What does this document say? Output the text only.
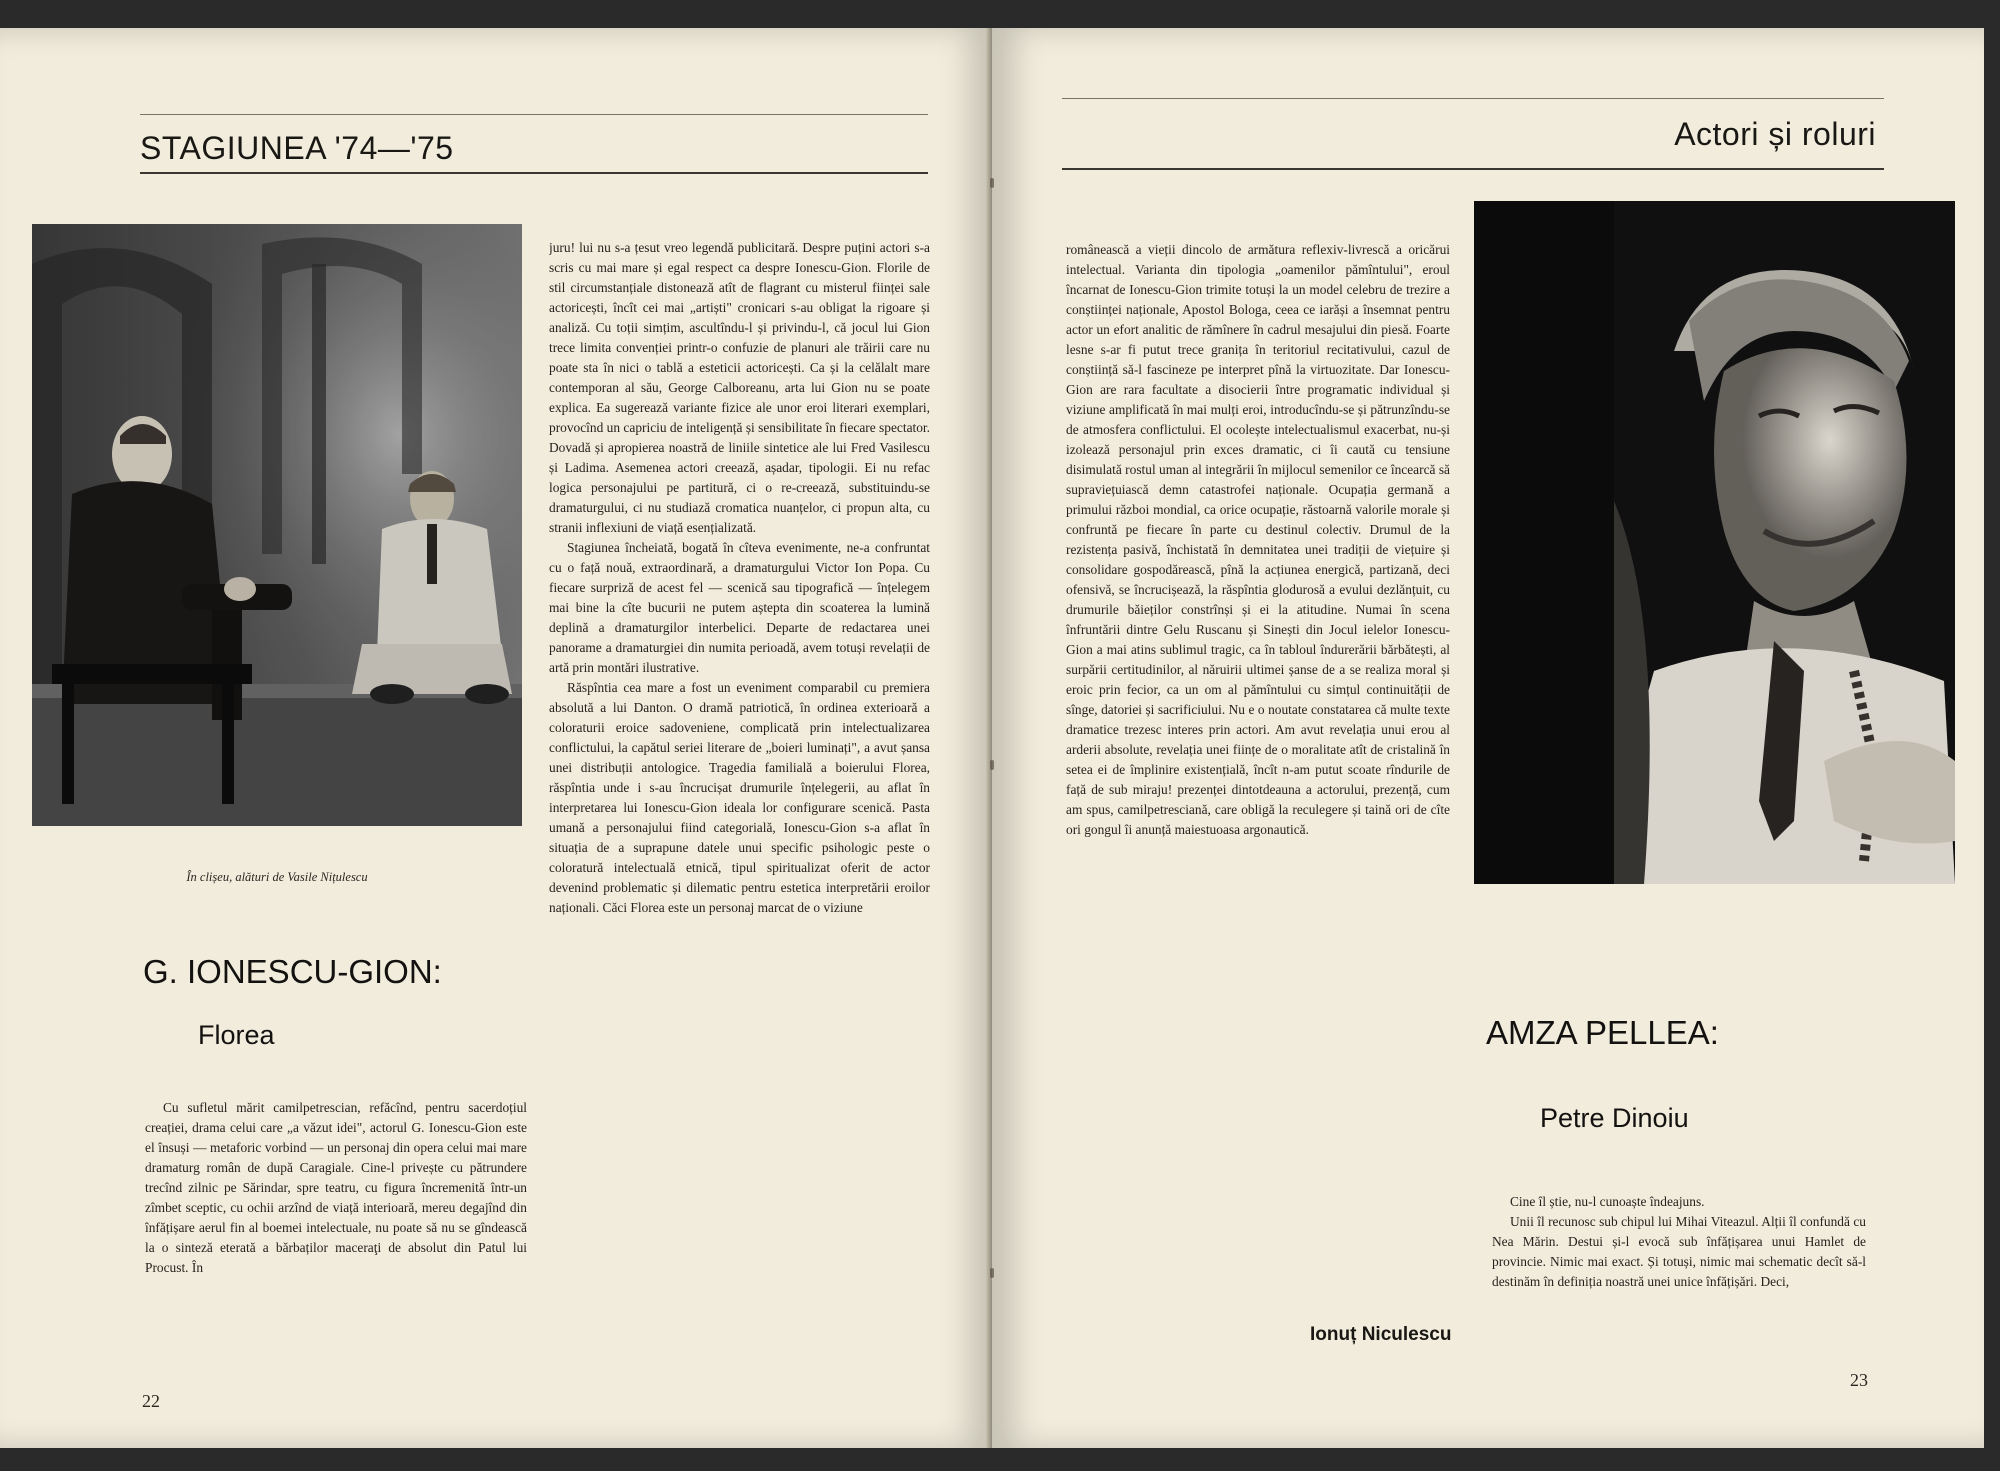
STAGIUNEA '74—'75
În clișeu, alături de Vasile Nițulescu
G. IONESCU-GION:
Florea

Cu sufletul mărit camilpetrescian, refăcînd, pentru sacerdoțiul creației, drama celui care „a văzut idei", actorul G. Ionescu-Gion este el însuși — metaforic vorbind — un personaj din opera celui mai mare dramaturg român de după Caragiale. Cine-l privește cu pătrundere trecînd zilnic pe Sărindar, spre teatru, cu figura încremenită într-un zîmbet sceptic, cu ochii arzînd de viață interioară, mereu degajînd din înfățișare aerul fin al boemei intelectuale, nu poate să nu se gîndească la o sinteză eterată a bărbaților maceraţi de absolut din Patul lui Procust. În

juru! lui nu s-a țesut vreo legendă publicitară. Despre puțini actori s-a scris cu mai mare și egal respect ca despre Ionescu-Gion. Florile de stil circumstanțiale distonează atît de flagrant cu misterul ființei sale actoricești, încît cei mai „artiști" cronicari s-au obligat la rigoare și analiză. Cu toții simțim, ascultîndu-l și privindu-l, că jocul lui Gion trece limita convenției printr-o confuzie de planuri ale trăirii care nu poate sta în nici o tablă a esteticii actoricești. Ca și la celălalt mare contemporan al său, George Calboreanu, arta lui Gion nu se poate explica. Ea sugerează variante fizice ale unor eroi literari exemplari, provocînd un capriciu de inteligență și sensibilitate în fiecare spectator. Dovadă și apropierea noastră de liniile sintetice ale lui Fred Vasilescu și Ladima. Asemenea actori creează, așadar, tipologii. Ei nu refac logica personajului pe partitură, ci o re-creează, substituindu-se dramaturgului, ci nu studiază cromatica nuanțelor, ci propun alta, cu stranii inflexiuni de viață esențializată.

Stagiunea încheiată, bogată în cîteva evenimente, ne-a confruntat cu o față nouă, extraordinară, a dramaturgului Victor Ion Popa. Cu fiecare surpriză de acest fel — scenică sau tipografică — înțelegem mai bine la cîte bucurii ne putem aștepta din scoaterea la lumină deplină a dramaturgilor interbelici. Departe de redactarea unei panorame a dramaturgiei din numita perioadă, avem totuși revelații de artă prin montări ilustrative.

Răspîntia cea mare a fost un eveniment comparabil cu premiera absolută a lui Danton. O dramă patriotică, în ordinea exterioară a coloraturii eroice sadoveniene, complicată prin intelectualizarea conflictului, la capătul seriei literare de „boieri luminați", a avut șansa unei distribuții antologice. Tragedia familială a boierului Florea, răspîntia unde i s-au încrucișat drumurile înțelegerii, au aflat în interpretarea lui Ionescu-Gion ideala lor configurare scenică. Pasta umană a personajului fiind categorială, Ionescu-Gion s-a aflat în situația de a suprapune datele unui specific psihologic peste o coloratură intelectuală etnică, tipul spiritualizat oferit de actor devenind problematic și dilematic pentru estetica interpretării eroilor naționali. Căci Florea este un personaj marcat de o viziune

22
Actori și roluri

românească a vieții dincolo de armătura reflexiv-livrescă a oricărui intelectual. Varianta din tipologia „oamenilor pămîntului", eroul încarnat de Ionescu-Gion trimite totuși la un model celebru de trezire a conștiinței naționale, Apostol Bologa, ceea ce iarăși a însemnat pentru actor un efort analitic de rămînere în cadrul mesajului din piesă. Foarte lesne s-ar fi putut trece granița în teritoriul recitativului, cazul de conștiință să-l fascineze pe interpret pînă la virtuozitate. Dar Ionescu-Gion are rara facultate a disocierii între programatic individual și viziune amplificată în mai mulți eroi, introducîndu-se și pătrunzîndu-se de atmosfera conflictului. El ocolește intelectualismul exacerbat, nu-și izolează personajul prin exces dramatic, ci îi caută cu tensiune disimulată rostul uman al integrării în mijlocul semenilor ce încearcă să supraviețuiască demn catastrofei naționale. Ocupația germană a primului război mondial, ca orice ocupație, răstoarnă valorile morale și confruntă pe fiecare în parte cu destinul colectiv. Drumul de la rezistența pasivă, închistată în demnitatea unei tradiții de viețuire și consolidare gospodărească, pînă la acțiunea energică, partizană, deci ofensivă, se încrucișează, la răspîntia glodurosă a evului dezlănțuit, cu drumurile băieților constrînși și ei la atitudine. Numai în scena înfruntării dintre Gelu Ruscanu și Sinești din Jocul ielelor Ionescu-Gion a mai atins sublimul tragic, ca în tabloul îndurerării bărbătești, al surpării certitudinilor, al năruirii ultimei șanse de a se realiza moral și eroic prin fecior, ca un om al pămîntului cu simțul continuității de sînge, datoriei și sacrificiului. Nu e o noutate constatarea că multe texte dramatice trezesc interes prin actori. Am avut revelația unui erou al arderii absolute, revelația unei ființe de o moralitate atît de cristalină în setea ei de împlinire existențială, încît n-am putut scoate rîndurile de față de sub miraju! prezenței dintotdeauna a actorului, prezență, cum am spus, camilpetresciană, care obligă la reculegere și taină ori de cîte ori gongul îi anunță maiestuoasa argonautică.

Ionuț Niculescu
AMZA PELLEA:
Petre Dinoiu

Cine îl știe, nu-l cunoaște îndeajuns.

Unii îl recunosc sub chipul lui Mihai Viteazul. Alții îl confundă cu Nea Mărin. Destui și-l evocă sub înfățișarea unui Hamlet de provincie. Nimic mai exact. Și totuși, nimic mai schematic decît să-l destinăm în definiția noastră unei unice înfățișări. Deci,

23
